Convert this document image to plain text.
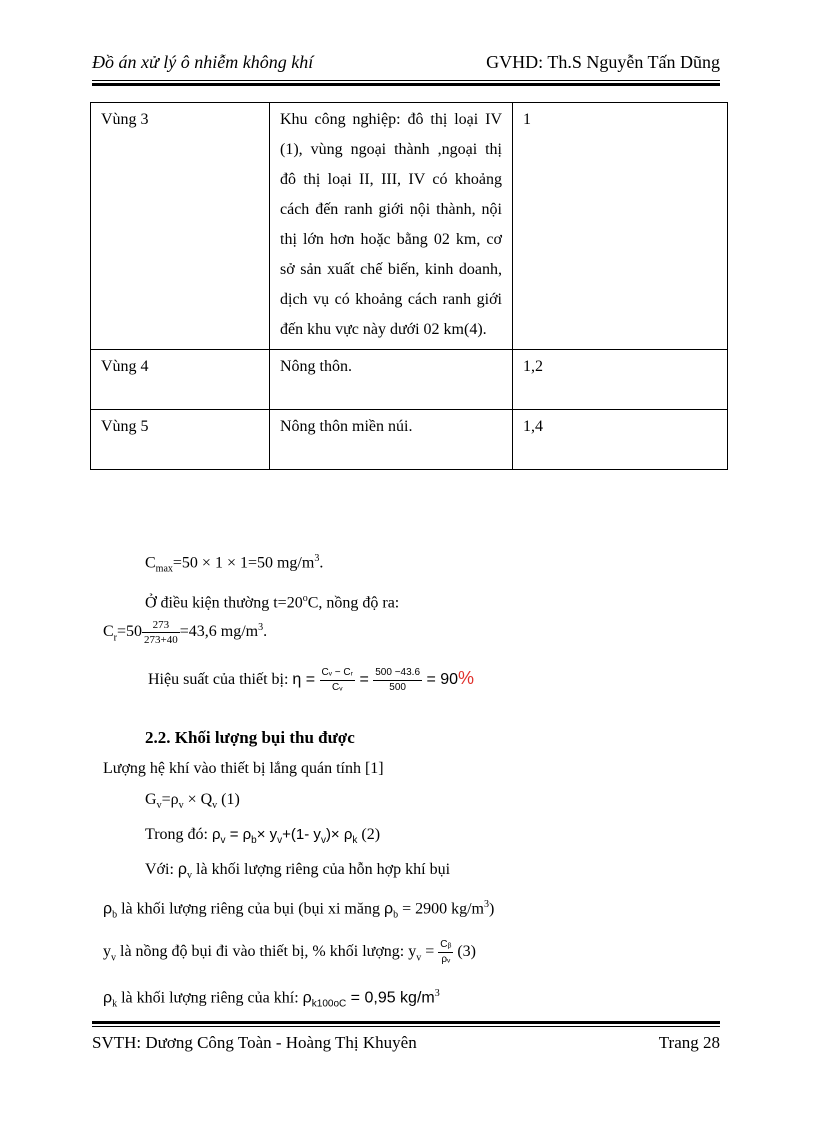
Đồ án xử lý ô nhiễm không khí	GVHD: Th.S Nguyễn Tấn Dũng
Vùng 3	Khu công nghiệp: đô thị loại IV (1), vùng ngoại thành ,ngoại thị đô thị loại II, III, IV có khoảng cách đến ranh giới nội thành, nội thị lớn hơn hoặc bằng 02 km, cơ sở sản xuất chế biến, kinh doanh, dịch vụ có khoảng cách ranh giới đến khu vực này dưới 02 km(4).	1
Vùng 4	Nông thôn.	1,2
Vùng 5	Nông thôn miền núi.	1,4
$C_{max}=50 \times 1 \times 1=50$ $mg/m^3$.
Ở điều kiện thường $t=20^oC$, nồng độ ra:
$C_r=50 \frac{273}{273+40} =43,6$ $mg/m^3$.
Hiệu suất của thiết bị: $\eta = \frac{\text{Cᵥ − Cᵣ}}{\text{Cᵥ}} = \frac{500 -43.6}{500} = 90\%$
2.2. Khối lượng bụi thu được
Lượng hệ khí vào thiết bị lắng quán tính [1]
$G_v=\rho_v \times Q_v$ (1)
Trong đó: $\rho_v = \rho_b\times y_v+(1-$ $y_v)\times \rho_k$ (2)
Với: $\rho_v$ là khối lượng riêng của hỗn hợp khí bụi
$\rho_b$ là khối lượng riêng của bụi (bụi xi măng $\rho_b = 2900$ $kg/m^3$)
$y_v$ là nồng độ bụi đi vào thiết bị, % khối lượng: $y_v = \frac{\text{Cᵦ}}{\text{ρᵥ}} (3)$
$\rho_k$ là khối lượng riêng của khí: $\rho_{k100oC} = 0,95$ $kg/m^3$
SVTH: Dương Công Toàn - Hoàng Thị Khuyên	Trang 28
